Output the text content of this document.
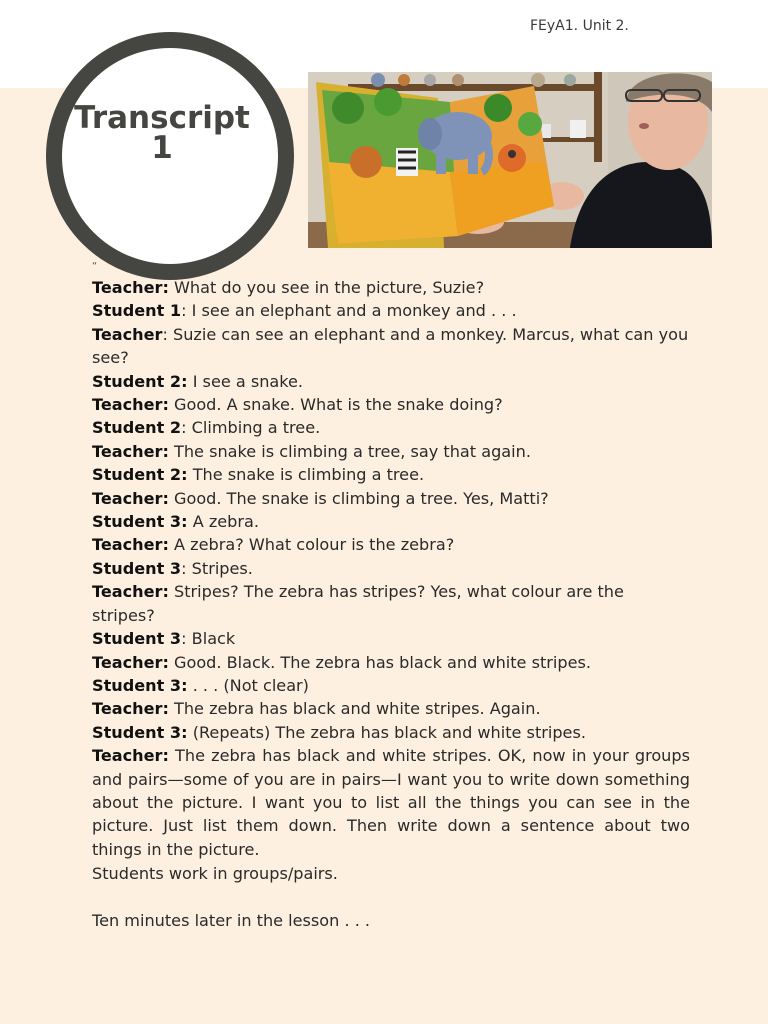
FEyA1. Unit 2.
Transcript
1
“

Teacher: What do you see in the picture, Suzie?

Student 1: I see an elephant and a monkey and . . .

Teacher: Suzie can see an elephant and a monkey. Marcus, what can you see?

Student 2: I see a snake.

Teacher: Good. A snake. What is the snake doing?

Student 2: Climbing a tree.

Teacher: The snake is climbing a tree, say that again.

Student 2: The snake is climbing a tree.

Teacher: Good. The snake is climbing a tree. Yes, Matti?

Student 3: A zebra.

Teacher: A zebra? What colour is the zebra?

Student 3: Stripes.

Teacher: Stripes? The zebra has stripes? Yes, what colour are the stripes?

Student 3: Black

Teacher: Good. Black. The zebra has black and white stripes.

Student 3: . . . (Not clear)

Teacher: The zebra has black and white stripes. Again.

Student 3: (Repeats) The zebra has black and white stripes.

Teacher: The zebra has black and white stripes. OK, now in your groups and pairs—some of you are in pairs—I want you to write down something about the picture. I want you to list all the things you can see in the picture. Just list them down. Then write down a sentence about two things in the picture.

Students work in groups/pairs.
Ten minutes later in the lesson . . .
